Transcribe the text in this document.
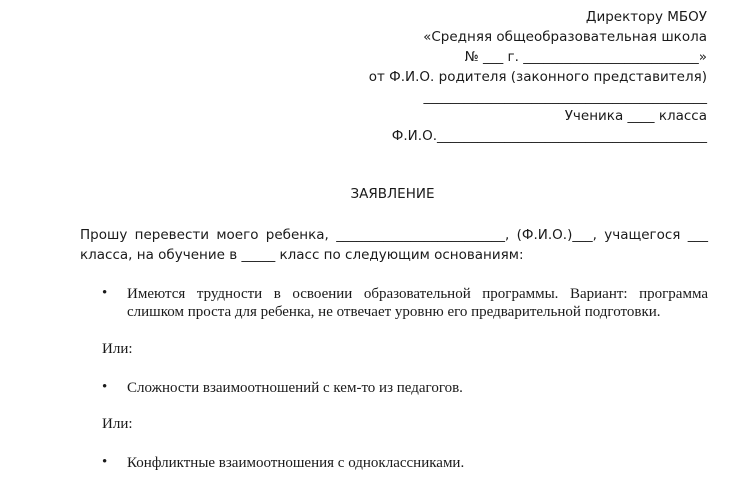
Директору МБОУ
«Средняя общеобразовательная школа
№ ___ г. __________________________»
от Ф.И.О. родителя (законного представителя)
__________________________________________
Ученика ____ класса
Ф.И.О.________________________________________
ЗАЯВЛЕНИЕ
Прошу перевести моего ребенка, _________________________, (Ф.И.О.)___, учащегося ___
класса, на обучение в _____ класс по следующим основаниям:
• Имеются трудности в освоении образовательной программы. Вариант: программа
слишком проста для ребенка, не отвечает уровню его предварительной подготовки.
Или:
• Сложности взаимоотношений с кем-то из педагогов.
Или:
• Конфликтные взаимоотношения с одноклассниками.
